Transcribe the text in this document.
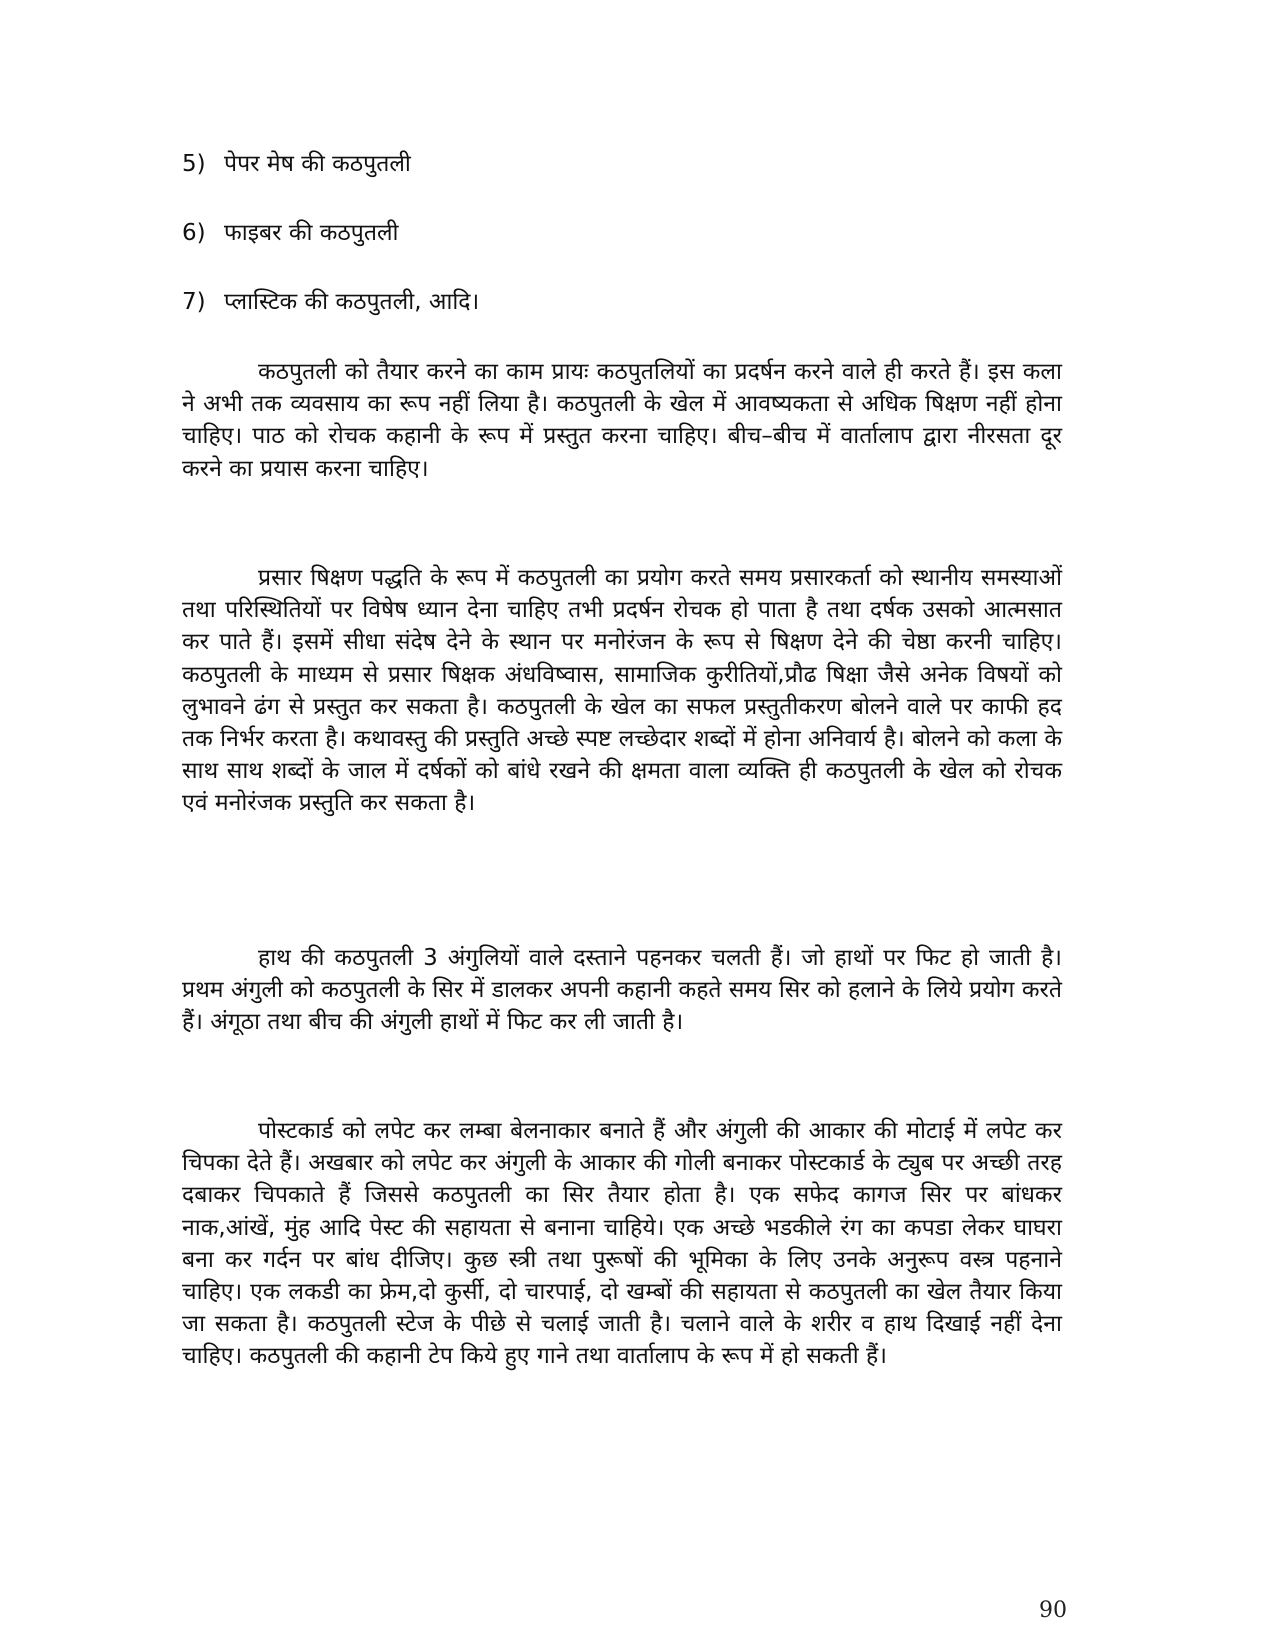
5) पेपर मेष की कठपुतली
6) फाइबर की कठपुतली
7) प्लास्टिक की कठपुतली, आदि।

कठपुतली को तैयार करने का काम प्रायः कठपुतलियों का प्रदर्षन करने वाले ही करते हैं। इस कला ने अभी तक व्यवसाय का रूप नहीं लिया है। कठपुतली के खेल में आवष्यकता से अधिक षिक्षण नहीं होना चाहिए। पाठ को रोचक कहानी के रूप में प्रस्तुत करना चाहिए। बीच–बीच में वार्तालाप द्वारा नीरसता दूर करने का प्रयास करना चाहिए।

प्रसार षिक्षण पद्धति के रूप में कठपुतली का प्रयोग करते समय प्रसारकर्ता को स्थानीय समस्याओं तथा परिस्थितियों पर विषेष ध्यान देना चाहिए तभी प्रदर्षन रोचक हो पाता है तथा दर्षक उसको आत्मसात कर पाते हैं। इसमें सीधा संदेष देने के स्थान पर मनोरंजन के रूप से षिक्षण देने की चेष्ठा करनी चाहिए। कठपुतली के माध्यम से प्रसार षिक्षक अंधविष्वास, सामाजिक कुरीतियों,प्रौढ षिक्षा जैसे अनेक विषयों को लुभावने ढंग से प्रस्तुत कर सकता है। कठपुतली के खेल का सफल प्रस्तुतीकरण बोलने वाले पर काफी हद तक निर्भर करता है। कथावस्तु की प्रस्तुति अच्छे स्पष्ट लच्छेदार शब्दों में होना अनिवार्य है। बोलने को कला के साथ साथ शब्दों के जाल में दर्षकों को बांधे रखने की क्षमता वाला व्यक्ति ही कठपुतली के खेल को रोचक एवं मनोरंजक प्रस्तुति कर सकता है।

हाथ की कठपुतली 3 अंगुलियों वाले दस्ताने पहनकर चलती हैं। जो हाथों पर फिट हो जाती है। प्रथम अंगुली को कठपुतली के सिर में डालकर अपनी कहानी कहते समय सिर को हलाने के लिये प्रयोग करते हैं। अंगूठा तथा बीच की अंगुली हाथों में फिट कर ली जाती है।

पोस्टकार्ड को लपेट कर लम्बा बेलनाकार बनाते हैं और अंगुली की आकार की मोटाई में लपेट कर चिपका देते हैं। अखबार को लपेट कर अंगुली के आकार की गोली बनाकर पोस्टकार्ड के ट्युब पर अच्छी तरह दबाकर चिपकाते हैं जिससे कठपुतली का सिर तैयार होता है। एक सफेद कागज सिर पर बांधकर नाक,आंखें, मुंह आदि पेस्ट की सहायता से बनाना चाहिये। एक अच्छे भडकीले रंग का कपडा लेकर घाघरा बना कर गर्दन पर बांध दीजिए। कुछ स्त्री तथा पुरूषों की भूमिका के लिए उनके अनुरूप वस्त्र पहनाने चाहिए। एक लकडी का फ्रेम,दो कुर्सी, दो चारपाई, दो खम्बों की सहायता से कठपुतली का खेल तैयार किया जा सकता है। कठपुतली स्टेज के पीछे से चलाई जाती है। चलाने वाले के शरीर व हाथ दिखाई नहीं देना चाहिए। कठपुतली की कहानी टेप किये हुए गाने तथा वार्तालाप के रूप में हो सकती हैं।

90
